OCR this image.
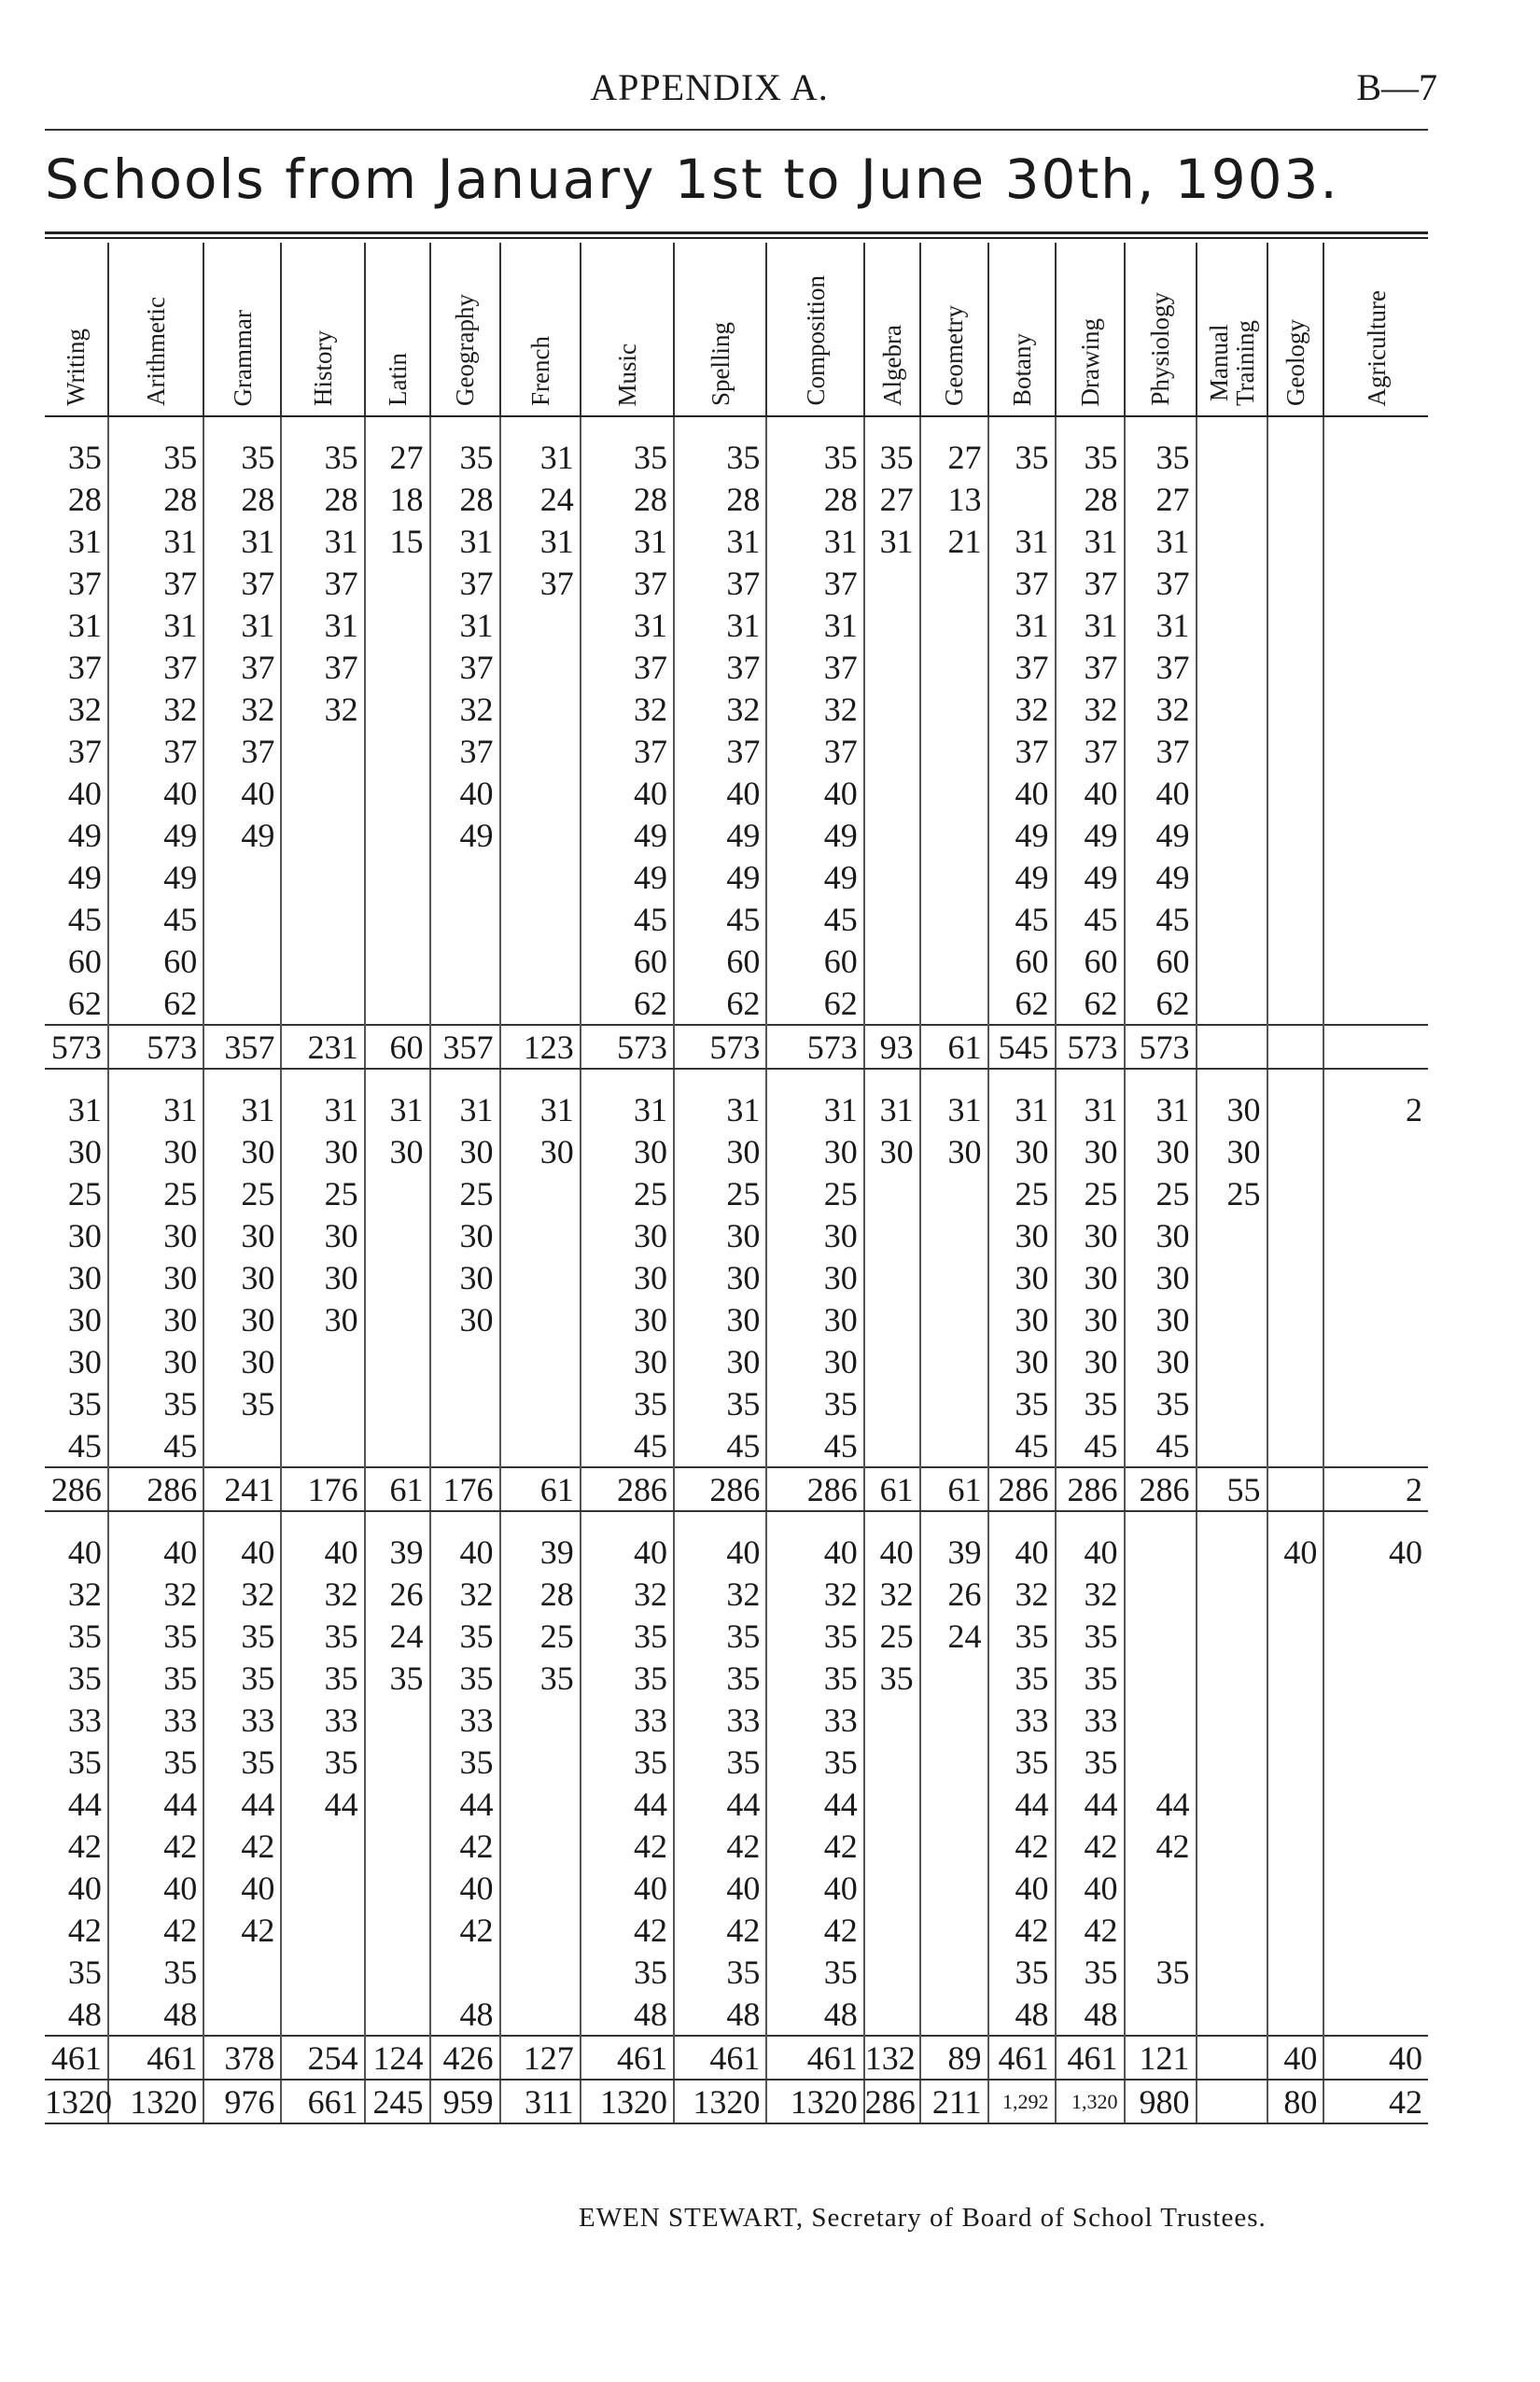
APPENDIX A.	B—7
Schools from January 1st to June 30th, 1903.
Writing	Arithmetic	Grammar	History	Latin	Geography	French	Music	Spelling	Composition	Algebra	Geometry	Botany	Drawing	Physiology	Manual
Training	Geology	Agriculture

35	35	35	35	27	35	31	35	35	35	35	27	35	35	35			
28	28	28	28	18	28	24	28	28	28	27	13		28	27			
31	31	31	31	15	31	31	31	31	31	31	21	31	31	31			
37	37	37	37		37	37	37	37	37			37	37	37			
31	31	31	31		31		31	31	31			31	31	31			
37	37	37	37		37		37	37	37			37	37	37			
32	32	32	32		32		32	32	32			32	32	32			
37	37	37			37		37	37	37			37	37	37			
40	40	40			40		40	40	40			40	40	40			
49	49	49			49		49	49	49			49	49	49			
49	49						49	49	49			49	49	49			
45	45						45	45	45			45	45	45			
60	60						60	60	60			60	60	60			
62	62						62	62	62			62	62	62			
573	573	357	231	60	357	123	573	573	573	93	61	545	573	573			

31	31	31	31	31	31	31	31	31	31	31	31	31	31	31	30		2
30	30	30	30	30	30	30	30	30	30	30	30	30	30	30	30		
25	25	25	25		25		25	25	25			25	25	25	25		
30	30	30	30		30		30	30	30			30	30	30			
30	30	30	30		30		30	30	30			30	30	30			
30	30	30	30		30		30	30	30			30	30	30			
30	30	30					30	30	30			30	30	30			
35	35	35					35	35	35			35	35	35			
45	45						45	45	45			45	45	45			
286	286	241	176	61	176	61	286	286	286	61	61	286	286	286	55		2

40	40	40	40	39	40	39	40	40	40	40	39	40	40			40	40
32	32	32	32	26	32	28	32	32	32	32	26	32	32				
35	35	35	35	24	35	25	35	35	35	25	24	35	35				
35	35	35	35	35	35	35	35	35	35	35		35	35				
33	33	33	33		33		33	33	33			33	33				
35	35	35	35		35		35	35	35			35	35				
44	44	44	44		44		44	44	44			44	44	44			
42	42	42			42		42	42	42			42	42	42			
40	40	40			40		40	40	40			40	40				
42	42	42			42		42	42	42			42	42				
35	35						35	35	35			35	35	35			
48	48				48		48	48	48			48	48				
461	461	378	254	124	426	127	461	461	461	132	89	461	461	121		40	40
1320	1320	976	661	245	959	311	1320	1320	1320	286	211	1,292	1,320	980		80	42
EWEN STEWART, Secretary of Board of School Trustees.
